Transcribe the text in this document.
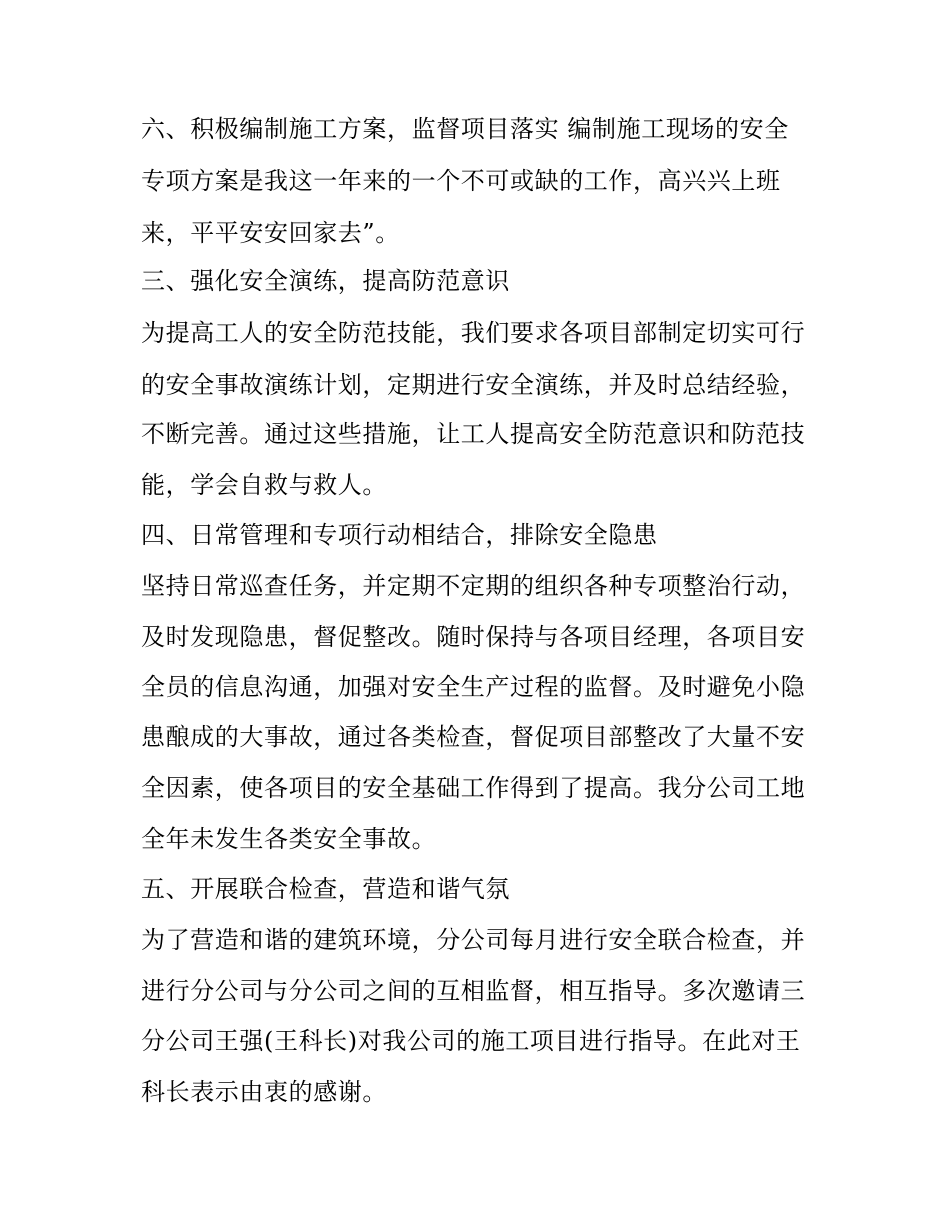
六、积极编制施工方案，监督项目落实 编制施工现场的安全
专项方案是我这一年来的一个不可或缺的工作，高兴兴上班
来，平平安安回家去”。
三、强化安全演练，提高防范意识
为提高工人的安全防范技能，我们要求各项目部制定切实可行
的安全事故演练计划，定期进行安全演练，并及时总结经验，
不断完善。通过这些措施，让工人提高安全防范意识和防范技
能，学会自救与救人。
四、日常管理和专项行动相结合，排除安全隐患
坚持日常巡查任务，并定期不定期的组织各种专项整治行动，
及时发现隐患，督促整改。随时保持与各项目经理，各项目安
全员的信息沟通，加强对安全生产过程的监督。及时避免小隐
患酿成的大事故，通过各类检查，督促项目部整改了大量不安
全因素，使各项目的安全基础工作得到了提高。我分公司工地
全年未发生各类安全事故。
五、开展联合检查，营造和谐气氛
为了营造和谐的建筑环境，分公司每月进行安全联合检查，并
进行分公司与分公司之间的互相监督，相互指导。多次邀请三
分公司王强(王科长)对我公司的施工项目进行指导。在此对王
科长表示由衷的感谢。
